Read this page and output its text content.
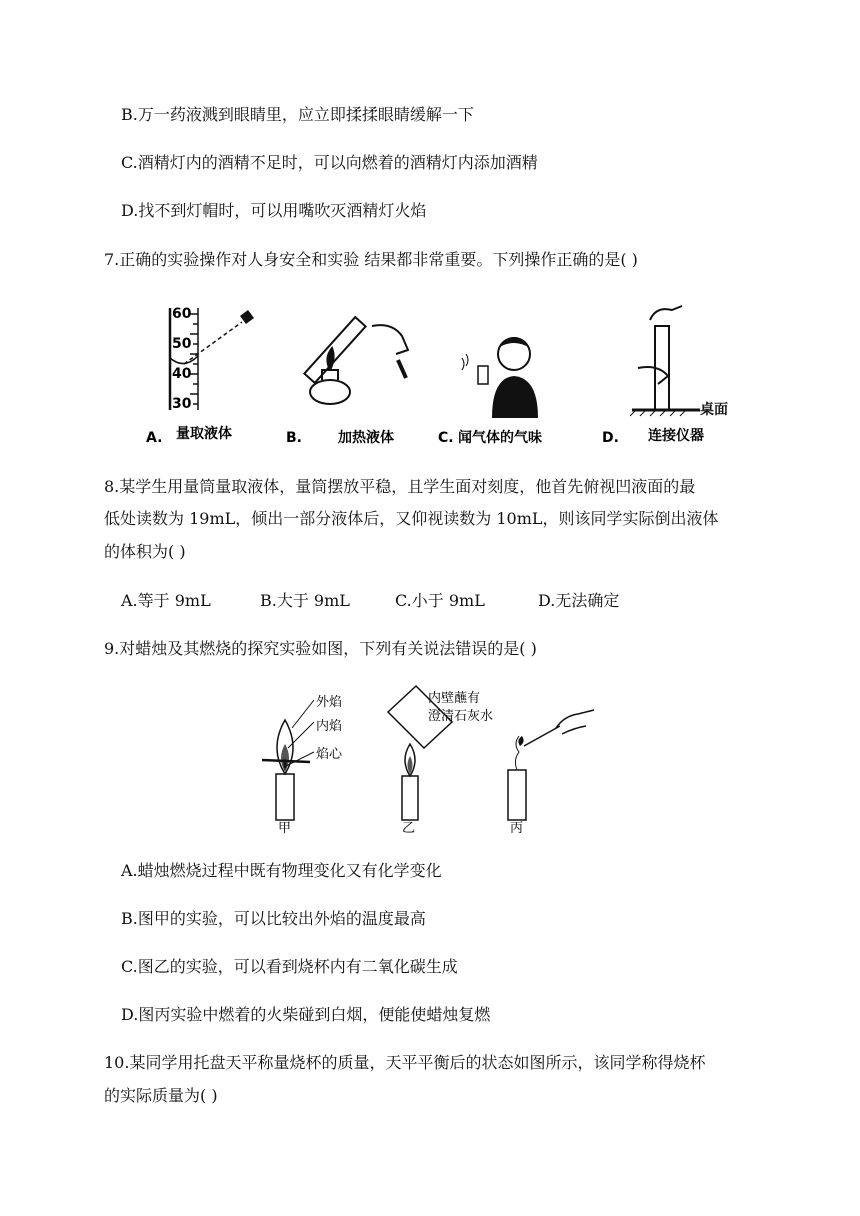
B.万一药液溅到眼睛里，应立即揉揉眼睛缓解一下
C.酒精灯内的酒精不足时，可以向燃着的酒精灯内添加酒精
D.找不到灯帽时，可以用嘴吹灭酒精灯火焰
7.正确的实验操作对人身安全和实验 结果都非常重要。下列操作正确的是( )
60
50
40
30	桌面
A. 量取液体	B.	加热液体	C. 闻气体的气味	D. 连接仪器
8.某学生用量筒量取液体，量筒摆放平稳，且学生面对刻度，他首先俯视凹液面的最
低处读数为 19mL，倾出一部分液体后，又仰视读数为 10mL，则该同学实际倒出液体
的体积为( )
A.等于 9mL	B.大于 9mL	C.小于 9mL	D.无法确定
9.对蜡烛及其燃烧的探究实验如图，下列有关说法错误的是( )
外焰
内焰
焰心
甲
内壁蘸有
澄清石灰水
乙	丙
A.蜡烛燃烧过程中既有物理变化又有化学变化
B.图甲的实验，可以比较出外焰的温度最高
C.图乙的实验，可以看到烧杯内有二氧化碳生成
D.图丙实验中燃着的火柴碰到白烟，便能使蜡烛复燃
10.某同学用托盘天平称量烧杯的质量，天平平衡后的状态如图所示，该同学称得烧杯
的实际质量为( )
